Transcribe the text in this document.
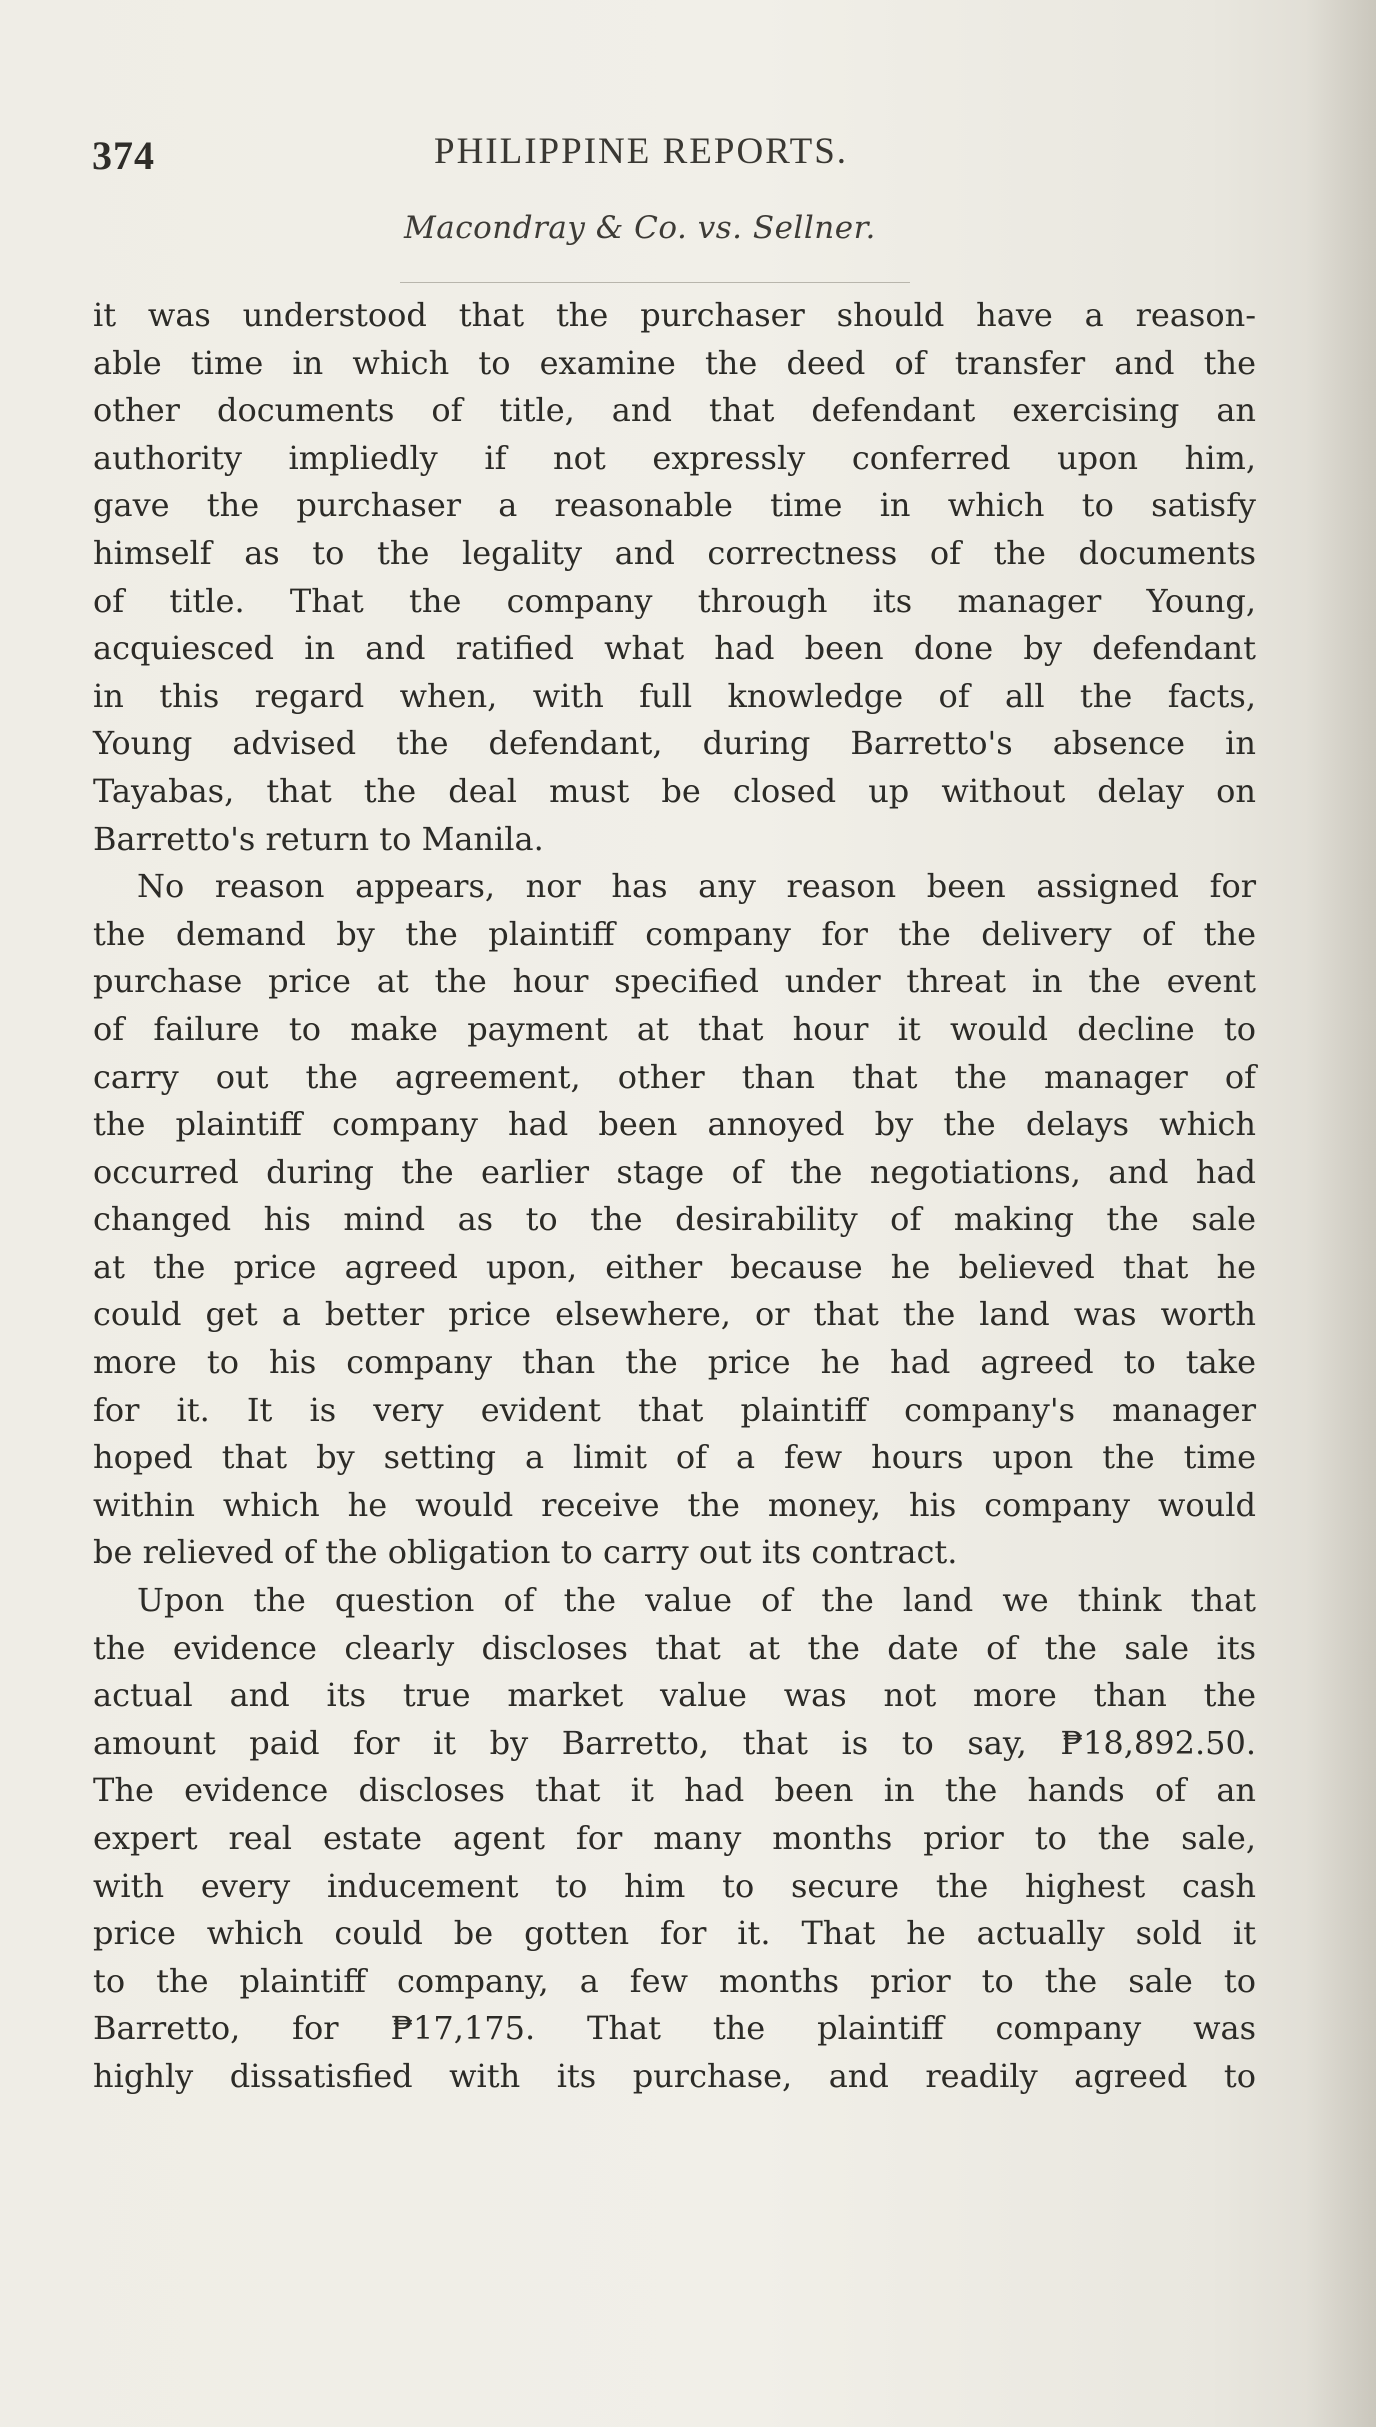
374	PHILIPPINE REPORTS.
Macondray & Co. vs. Sellner.
it was understood that the purchaser should have a reason-
able time in which to examine the deed of transfer and the
other documents of title, and that defendant exercising an
authority impliedly if not expressly conferred upon him,
gave the purchaser a reasonable time in which to satisfy
himself as to the legality and correctness of the documents
of title. That the company through its manager Young,
acquiesced in and ratified what had been done by defendant
in this regard when, with full knowledge of all the facts,
Young advised the defendant, during Barretto's absence in
Tayabas, that the deal must be closed up without delay on
Barretto's return to Manila.
No reason appears, nor has any reason been assigned for
the demand by the plaintiff company for the delivery of the
purchase price at the hour specified under threat in the event
of failure to make payment at that hour it would decline to
carry out the agreement, other than that the manager of
the plaintiff company had been annoyed by the delays which
occurred during the earlier stage of the negotiations, and had
changed his mind as to the desirability of making the sale
at the price agreed upon, either because he believed that he
could get a better price elsewhere, or that the land was worth
more to his company than the price he had agreed to take
for it. It is very evident that plaintiff company's manager
hoped that by setting a limit of a few hours upon the time
within which he would receive the money, his company would
be relieved of the obligation to carry out its contract.
Upon the question of the value of the land we think that
the evidence clearly discloses that at the date of the sale its
actual and its true market value was not more than the
amount paid for it by Barretto, that is to say, ₱18,892.50.
The evidence discloses that it had been in the hands of an
expert real estate agent for many months prior to the sale,
with every inducement to him to secure the highest cash
price which could be gotten for it. That he actually sold it
to the plaintiff company, a few months prior to the sale to
Barretto, for ₱17,175. That the plaintiff company was
highly dissatisfied with its purchase, and readily agreed to
